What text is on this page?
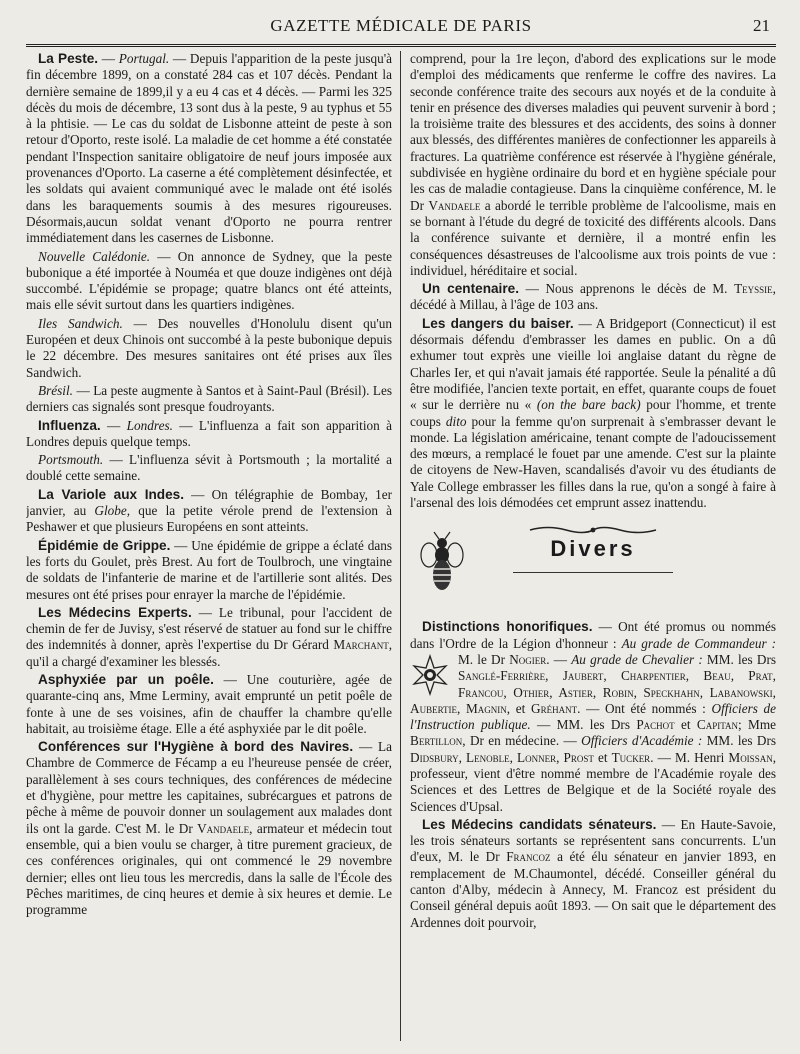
GAZETTE MÉDICALE DE PARIS	21

La Peste. — Portugal. — Depuis l'apparition de la peste jusqu'à fin décembre 1899, on a constaté 284 cas et 107 décès. Pendant la dernière semaine de 1899,il y a eu 4 cas et 4 décès. — Parmi les 325 décès du mois de décembre, 13 sont dus à la peste, 9 au typhus et 55 à la phtisie. — Le cas du soldat de Lisbonne atteint de peste à son retour d'Oporto, reste isolé. La maladie de cet homme a été constatée pendant l'Inspection sanitaire obligatoire de neuf jours imposée aux provenances d'Oporto. La caserne a été complètement désinfectée, et les soldats qui avaient communiqué avec le malade ont été isolés dans les baraquements soumis à des mesures rigoureuses. Désormais,aucun soldat venant d'Oporto ne pourra rentrer immédiatement dans les casernes de Lisbonne.

Nouvelle Calédonie. — On annonce de Sydney, que la peste bubonique a été importée à Nouméa et que douze indigènes ont déjà succombé. L'épidémie se propage; quatre blancs ont été atteints, mais elle sévit surtout dans les quartiers indigènes.

Iles Sandwich. — Des nouvelles d'Honolulu disent qu'un Européen et deux Chinois ont succombé à la peste bubonique depuis le 22 décembre. Des mesures sanitaires ont été prises aux îles Sandwich.

Brésil. — La peste augmente à Santos et à Saint-Paul (Brésil). Les derniers cas signalés sont presque foudroyants.

Influenza. — Londres. — L'influenza a fait son apparition à Londres depuis quelque temps.

Portsmouth. — L'influenza sévit à Portsmouth ; la mortalité a doublé cette semaine.

La Variole aux Indes. — On télégraphie de Bombay, 1er janvier, au Globe, que la petite vérole prend de l'extension à Peshawer et que plusieurs Européens en sont atteints.

Épidémie de Grippe. — Une épidémie de grippe a éclaté dans les forts du Goulet, près Brest. Au fort de Toulbroch, une vingtaine de soldats de l'infanterie de marine et de l'artillerie sont alités. Des mesures ont été prises pour enrayer la marche de l'épidémie.

Les Médecins Experts. — Le tribunal, pour l'accident de chemin de fer de Juvisy, s'est réservé de statuer au fond sur le chiffre des indemnités à donner, après l'expertise du Dr Gérard Marchant, qu'il a chargé d'examiner les blessés.

Asphyxiée par un poêle. — Une couturière, agée de quarante-cinq ans, Mme Lerminy, avait emprunté un petit poêle de fonte à une de ses voisines, afin de chauffer la chambre qu'elle habitait, au troisième étage. Elle a été asphyxiée par le dit poêle.

Conférences sur l'Hygiène à bord des Navires. — La Chambre de Commerce de Fécamp a eu l'heureuse pensée de créer, parallèlement à ses cours techniques, des conférences de médecine et d'hygiène, pour mettre les capitaines, subrécargues et patrons de pêche à même de pouvoir donner un soulagement aux malades dont ils ont la garde. C'est M. le Dr Vandaele, armateur et médecin tout ensemble, qui a bien voulu se charger, à titre purement gracieux, de ces conférences originales, qui ont commencé le 29 novembre dernier; elles ont lieu tous les mercredis, dans la salle de l'École des Pêches maritimes, de cinq heures et demie à six heures et demie. Le programme

comprend, pour la 1re leçon, d'abord des explications sur le mode d'emploi des médicaments que renferme le coffre des navires. La seconde conférence traite des secours aux noyés et de la conduite à tenir en présence des diverses maladies qui peuvent survenir à bord ; la troisième traite des blessures et des accidents, des soins à donner aux blessés, des différentes manières de confectionner les appareils à fractures. La quatrième conférence est réservée à l'hygiène générale, subdivisée en hygiène ordinaire du bord et en hygiène spéciale pour les cas de maladie contagieuse. Dans la cinquième conférence, M. le Dr Vandaele a abordé le terrible problème de l'alcoolisme, mais en se bornant à l'étude du degré de toxicité des différents alcools. Dans la conférence suivante et dernière, il a montré enfin les conséquences désastreuses de l'alcoolisme aux trois points de vue : individuel, héréditaire et social.

Un centenaire. — Nous apprenons le décès de M. Teyssie, décédé à Millau, à l'âge de 103 ans.

Les dangers du baiser. — A Bridgeport (Connecticut) il est désormais défendu d'embrasser les dames en public. On a dû exhumer tout exprès une vieille loi anglaise datant du règne de Charles Ier, et qui n'avait jamais été rapportée. Seule la pénalité a dû être modifiée, l'ancien texte portait, en effet, quarante coups de fouet « sur le derrière nu « (on the bare back) pour l'homme, et trente coups dito pour la femme qu'on surprenait à s'embrasser devant le monde. La législation américaine, tenant compte de l'adoucissement des mœurs, a remplacé le fouet par une amende. C'est sur la plainte de citoyens de New-Haven, scandalisés d'avoir vu des étudiants de Yale College embrasser les filles dans la rue, qu'on a songé à faire à l'arsenal des lois démodées cet emprunt assez inattendu.

Divers

Distinctions honorifiques. — Ont été promus ou nommés dans l'Ordre de la Légion d'honneur : Au grade de Commandeur : M. le Dr Nogier. —
Au grade de Chevalier : MM. les Drs Sanglé-Ferrière, Jaubert, Charpentier, Beau, Prat, Francou, Othier, Astier, Robin, Speckhahn, Labanowski, Aubertie, Magnin, et Gréhant. — Ont été nommés : Officiers de l'Instruction publique. — MM. les Drs Pachot et Capitan; Mme Bertillon, Dr en médecine. — Officiers d'Académie : MM. les Drs Didsbury, Lenoble, Lonner, Prost et Tucker. — M. Henri Moissan, professeur, vient d'être nommé membre de l'Académie royale des Sciences et des Lettres de Belgique et de la Société royale des Sciences d'Upsal.

Les Médecins candidats sénateurs. — En Haute-Savoie, les trois sénateurs sortants se représentent sans concurrents. L'un d'eux, M. le Dr Francoz a été élu sénateur en janvier 1893, en remplacement de M.Chaumontel, décédé. Conseiller général du canton d'Alby, médecin à Annecy, M. Francoz est président du Conseil général depuis août 1893. — On sait que le département des Ardennes doit pourvoir,
